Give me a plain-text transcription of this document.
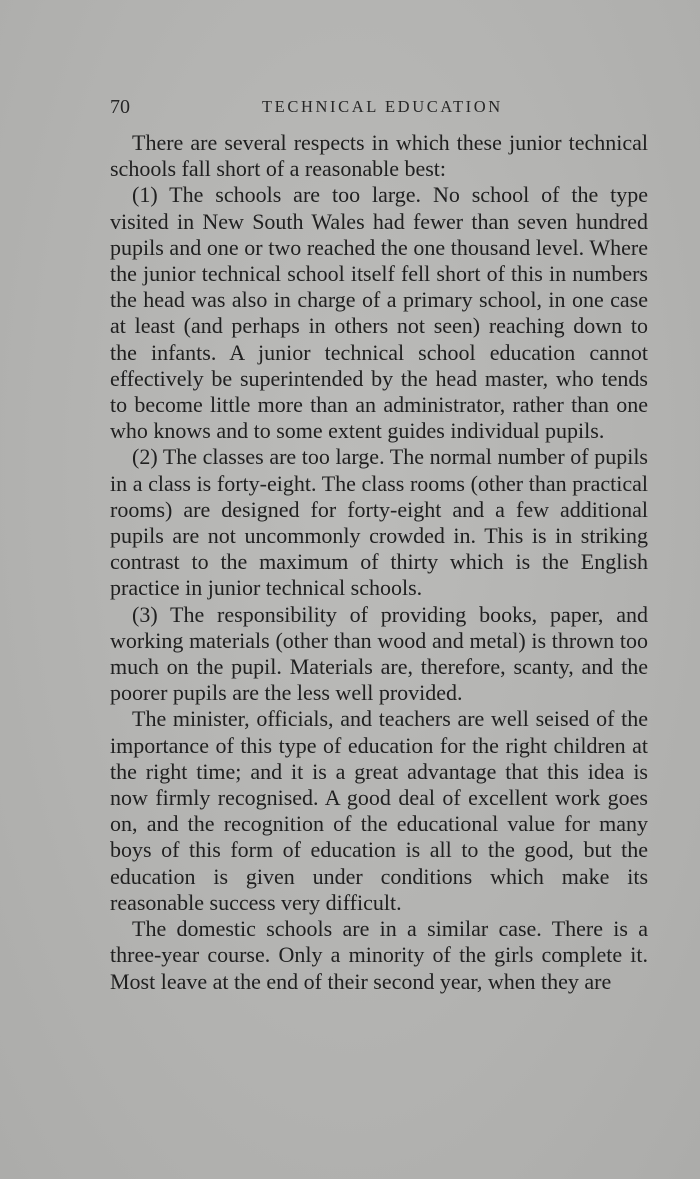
70	TECHNICAL EDUCATION

There are several respects in which these junior technical schools fall short of a reasonable best:

(1) The schools are too large. No school of the type visited in New South Wales had fewer than seven hundred pupils and one or two reached the one thousand level. Where the junior technical school itself fell short of this in numbers the head was also in charge of a primary school, in one case at least (and perhaps in others not seen) reaching down to the infants. A junior technical school education cannot effectively be superintended by the head master, who tends to become little more than an administrator, rather than one who knows and to some extent guides individual pupils.

(2) The classes are too large. The normal number of pupils in a class is forty-eight. The class rooms (other than practical rooms) are designed for forty-eight and a few additional pupils are not uncommonly crowded in. This is in striking contrast to the maximum of thirty which is the English practice in junior technical schools.

(3) The responsibility of providing books, paper, and working materials (other than wood and metal) is thrown too much on the pupil. Materials are, therefore, scanty, and the poorer pupils are the less well provided.

The minister, officials, and teachers are well seised of the importance of this type of education for the right children at the right time; and it is a great advantage that this idea is now firmly recognised. A good deal of excellent work goes on, and the recognition of the educational value for many boys of this form of education is all to the good, but the education is given under conditions which make its reasonable success very difficult.

The domestic schools are in a similar case. There is a three-year course. Only a minority of the girls complete it. Most leave at the end of their second year, when they are
